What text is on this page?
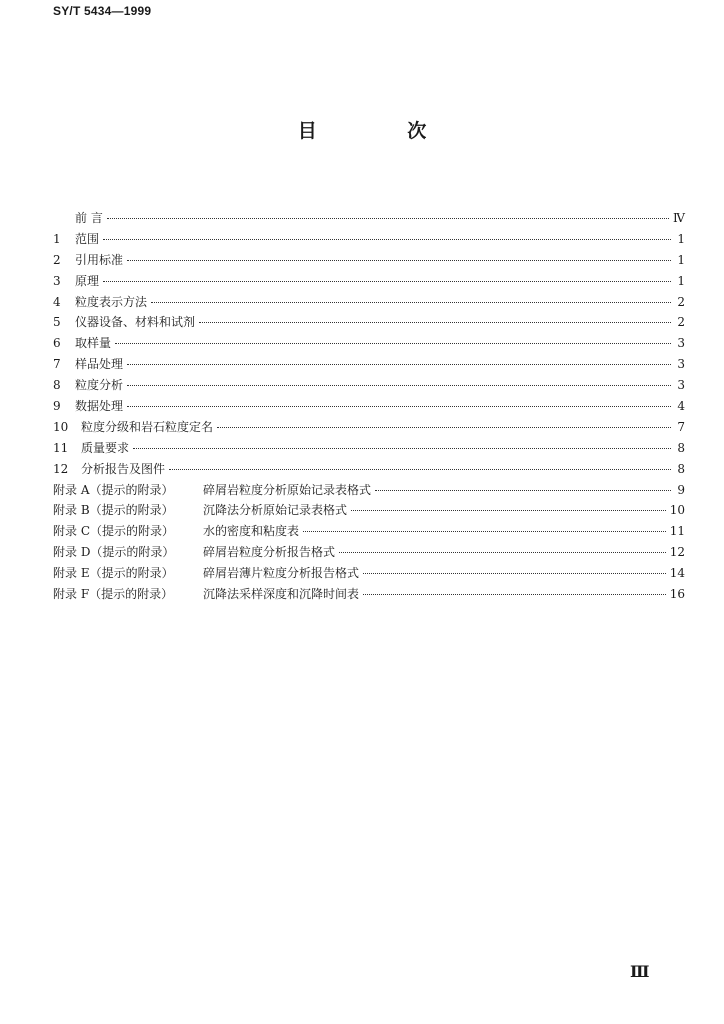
SY/T 5434—1999
目 次
前 言	Ⅳ
1	范围	1
2	引用标准	1
3	原理	1
4	粒度表示方法	2
5	仪器设备、材料和试剂	2
6	取样量	3
7	样品处理	3
8	粒度分析	3
9	数据处理	4
10	粒度分级和岩石粒度定名	7
11	质量要求	8
12	分析报告及图件	8
附录 A（提示的附录）	碎屑岩粒度分析原始记录表格式	9
附录 B（提示的附录）	沉降法分析原始记录表格式	10
附录 C（提示的附录）	水的密度和粘度表	11
附录 D（提示的附录）	碎屑岩粒度分析报告格式	12
附录 E（提示的附录）	碎屑岩薄片粒度分析报告格式	14
附录 F（提示的附录）	沉降法采样深度和沉降时间表	16
Ⅲ
